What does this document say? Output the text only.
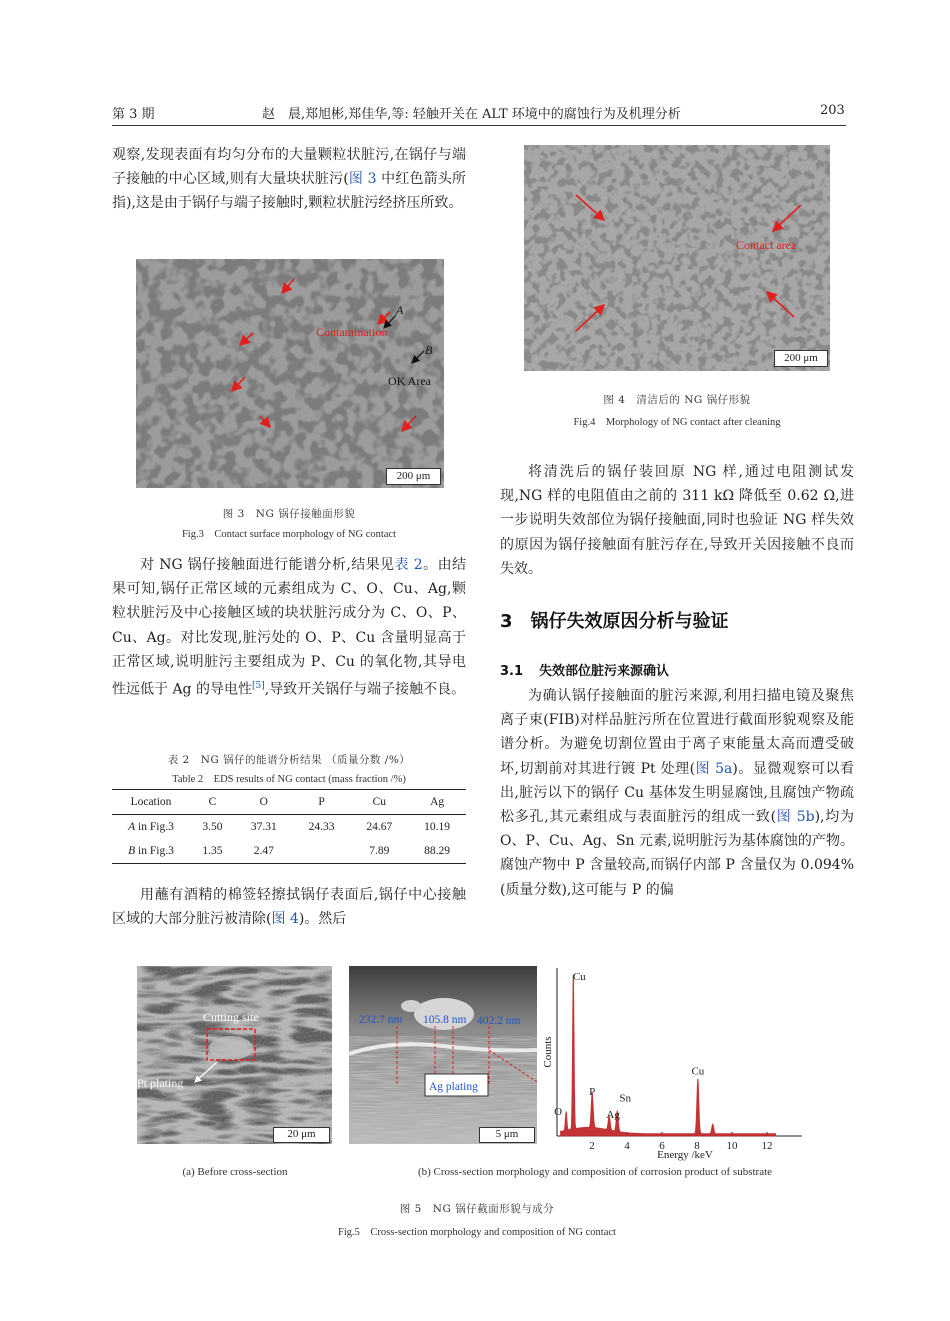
第 3 期	赵　晨,郑旭彬,郑佳华,等: 轻触开关在 ALT 环境中的腐蚀行为及机理分析	203

观察,发现表面有均匀分布的大量颗粒状脏污,在锅仔与端子接触的中心区域,则有大量块状脏污(图 3 中红色箭头所指),这是由于锅仔与端子接触时,颗粒状脏污经挤压所致。

Contamination
A
B
OK Area
200 μm
图 3　NG 锅仔接触面形貌
Fig.3　Contact surface morphology of NG contact

对 NG 锅仔接触面进行能谱分析,结果见表 2。由结果可知,锅仔正常区域的元素组成为 C、O、Cu、Ag,颗粒状脏污及中心接触区域的块状脏污成分为 C、O、P、Cu、Ag。对比发现,脏污处的 O、P、Cu 含量明显高于正常区域,说明脏污主要组成为 P、Cu 的氧化物,其导电性远低于 Ag 的导电性[5],导致开关锅仔与端子接触不良。

表 2　NG 锅仔的能谱分析结果 （质量分数 /%）
Table 2　EDS results of NG contact (mass fraction /%)
Location	C	O	P	Cu	Ag
A in Fig.3	3.50	37.31	24.33	24.67	10.19
B in Fig.3	1.35	2.47		7.89	88.29

用蘸有酒精的棉签轻擦拭锅仔表面后,锅仔中心接触区域的大部分脏污被清除(图 4)。然后

Contact area
200 μm
图 4　清洁后的 NG 锅仔形貌
Fig.4　Morphology of NG contact after cleaning

将清洗后的锅仔装回原 NG 样,通过电阻测试发现,NG 样的电阻值由之前的 311 kΩ 降低至 0.62 Ω,进一步说明失效部位为锅仔接触面,同时也验证 NG 样失效的原因为锅仔接触面有脏污存在,导致开关因接触不良而失效。

3 锅仔失效原因分析与验证
3.1 失效部位脏污来源确认

为确认锅仔接触面的脏污来源,利用扫描电镜及聚焦离子束(FIB)对样品脏污所在位置进行截面形貌观察及能谱分析。为避免切割位置由于离子束能量太高而遭受破坏,切割前对其进行镀 Pt 处理(图 5a)。显微观察可以看出,脏污以下的锅仔 Cu 基体发生明显腐蚀,且腐蚀产物疏松多孔,其元素组成与表面脏污的组成一致(图 5b),均为 O、P、Cu、Ag、Sn 元素,说明脏污为基体腐蚀的产物。腐蚀产物中 P 含量较高,而锅仔内部 P 含量仅为 0.094%(质量分数),这可能与 P 的偏

Cutting site
Pt plating
20 μm
232.7 nm 105.8 nm 402.2 nm
Ag plating
5 μm
Counts
Energy /keV
2	4	6	8 10 12
Cu
O
P
Ag
Sn
Cu
(a) Before cross-section	(b) Cross-section morphology and composition of corrosion product of substrate
图 5　NG 锅仔截面形貌与成分
Fig.5　Cross-section morphology and composition of NG contact
